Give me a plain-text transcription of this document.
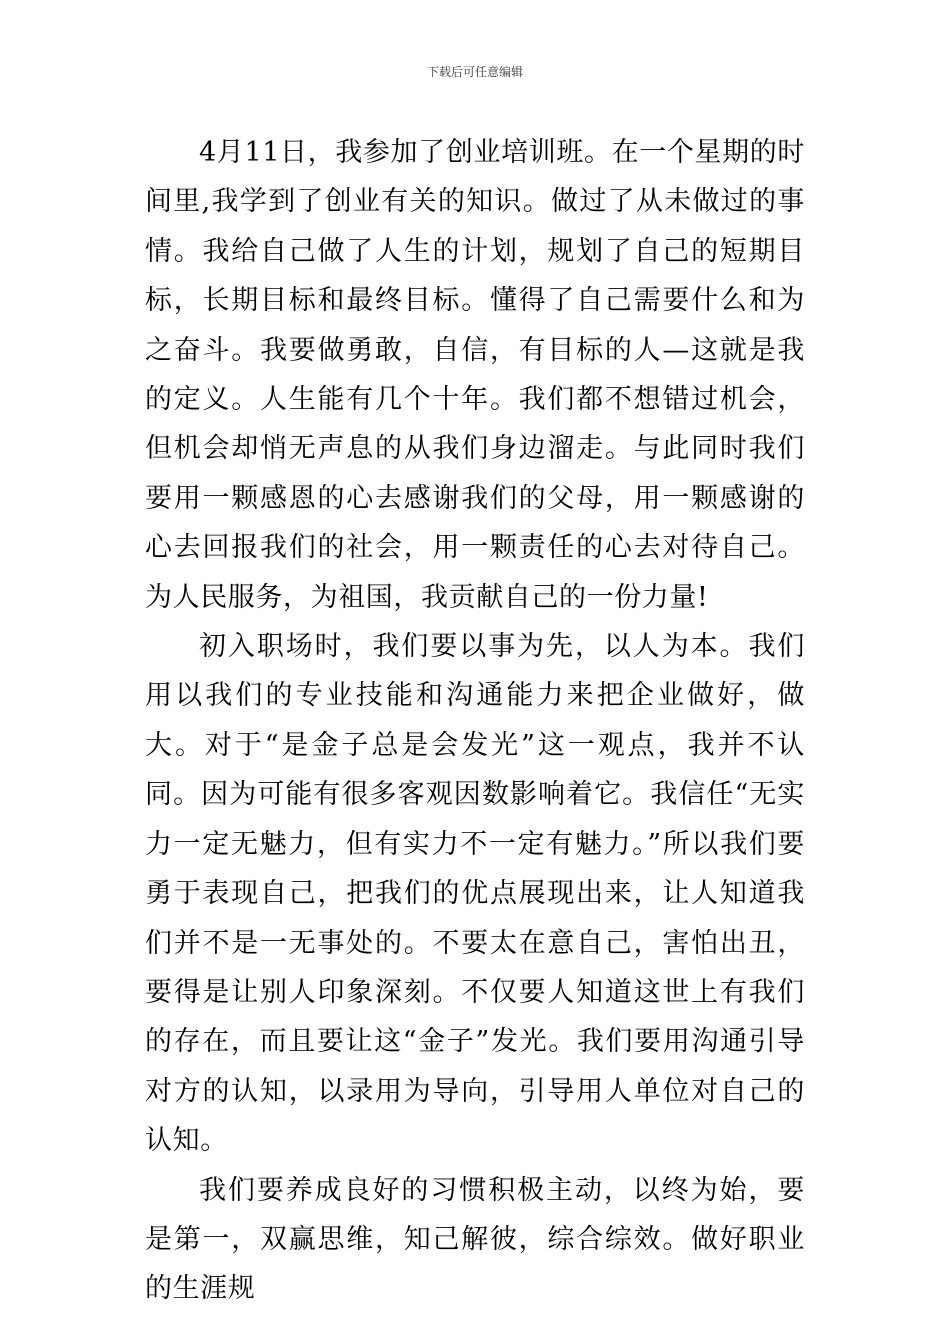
下载后可任意编辑

4月11日，我参加了创业培训班。在一个星期的时间里,我学到了创业有关的知识。做过了从未做过的事情。我给自己做了人生的计划，规划了自己的短期目标，长期目标和最终目标。懂得了自己需要什么和为之奋斗。我要做勇敢，自信，有目标的人—这就是我的定义。人生能有几个十年。我们都不想错过机会，但机会却悄无声息的从我们身边溜走。与此同时我们要用一颗感恩的心去感谢我们的父母，用一颗感谢的心去回报我们的社会，用一颗责任的心去对待自己。为人民服务，为祖国，我贡献自己的一份力量!

初入职场时，我们要以事为先，以人为本。我们用以我们的专业技能和沟通能力来把企业做好，做大。对于“是金子总是会发光”这一观点，我并不认同。因为可能有很多客观因数影响着它。我信任“无实力一定无魅力，但有实力不一定有魅力。”所以我们要勇于表现自己，把我们的优点展现出来，让人知道我们并不是一无事处的。不要太在意自己，害怕出丑，要得是让别人印象深刻。不仅要人知道这世上有我们的存在，而且要让这“金子”发光。我们要用沟通引导对方的认知，以录用为导向，引导用人单位对自己的认知。

我们要养成良好的习惯积极主动，以终为始，要是第一，双赢思维，知己解彼，综合综效。做好职业的生涯规
